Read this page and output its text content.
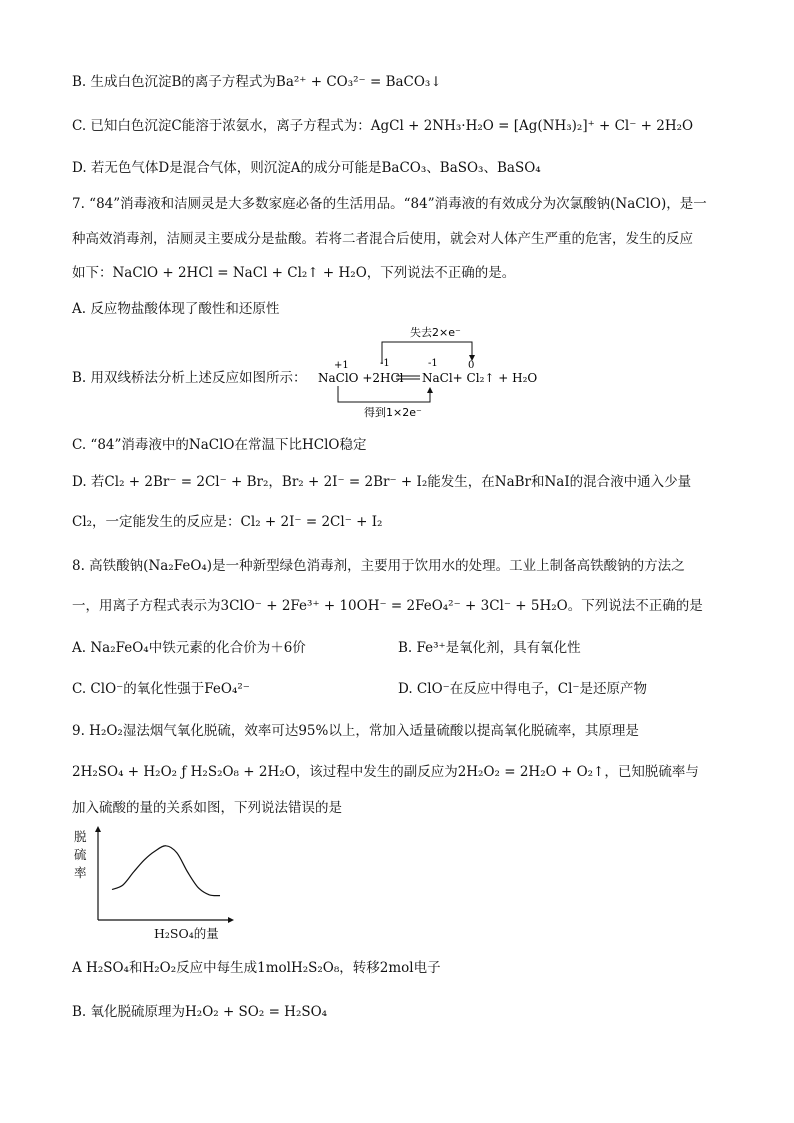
B. 生成白色沉淀B的离子方程式为Ba²⁺ + CO₃²⁻ = BaCO₃↓
C. 已知白色沉淀C能溶于浓氨水，离子方程式为：AgCl + 2NH₃·H₂O = [Ag(NH₃)₂]⁺ + Cl⁻ + 2H₂O
D. 若无色气体D是混合气体，则沉淀A的成分可能是BaCO₃、BaSO₃、BaSO₄
7. “84”消毒液和洁厕灵是大多数家庭必备的生活用品。“84”消毒液的有效成分为次氯酸钠(NaClO)，是一
种高效消毒剂，洁厕灵主要成分是盐酸。若将二者混合后使用，就会对人体产生严重的危害，发生的反应
如下：NaClO + 2HCl = NaCl + Cl₂↑ + H₂O，下列说法不正确的是。
A. 反应物盐酸体现了酸性和还原性
B. 用双线桥法分析上述反应如图所示：
失去2×e⁻
+1	-1	-1	0
NaClO +2HCl NaCl+ Cl₂↑ + H₂O
得到1×2e⁻
C. “84”消毒液中的NaClO在常温下比HClO稳定
D. 若Cl₂ + 2Br⁻ = 2Cl⁻ + Br₂，Br₂ + 2I⁻ = 2Br⁻ + I₂能发生，在NaBr和NaI的混合液中通入少量
Cl₂，一定能发生的反应是：Cl₂ + 2I⁻ = 2Cl⁻ + I₂
8. 高铁酸钠(Na₂FeO₄)是一种新型绿色消毒剂，主要用于饮用水的处理。工业上制备高铁酸钠的方法之
一，用离子方程式表示为3ClO⁻ + 2Fe³⁺ + 10OH⁻ = 2FeO₄²⁻ + 3Cl⁻ + 5H₂O。下列说法不正确的是
A. Na₂FeO₄中铁元素的化合价为＋6价	B. Fe³⁺是氧化剂，具有氧化性
C. ClO⁻的氧化性强于FeO₄²⁻	D. ClO⁻在反应中得电子，Cl⁻是还原产物
9. H₂O₂湿法烟气氧化脱硫，效率可达95%以上，常加入适量硫酸以提高氧化脱硫率，其原理是
2H₂SO₄ + H₂O₂ ƒ H₂S₂O₈ + 2H₂O，该过程中发生的副反应为2H₂O₂ = 2H₂O + O₂↑，已知脱硫率与
加入硫酸的量的关系如图，下列说法错误的是
脱硫率
H₂SO₄的量
A H₂SO₄和H₂O₂反应中每生成1molH₂S₂O₈，转移2mol电子
B. 氧化脱硫原理为H₂O₂ + SO₂ = H₂SO₄
